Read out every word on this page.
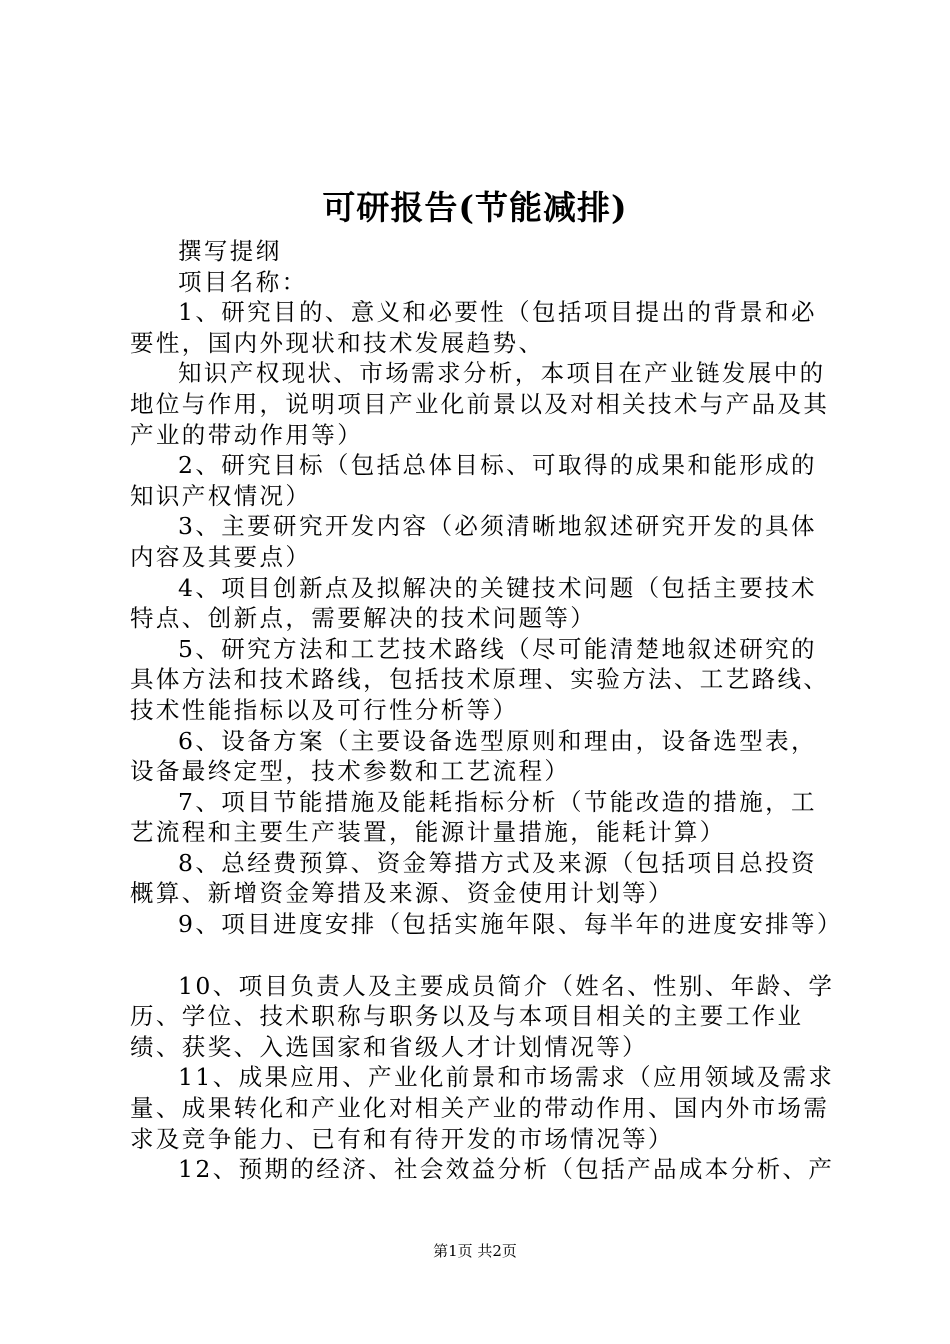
可研报告(节能减排)

撰写提纲

项目名称：

1、研究目的、意义和必要性（包括项目提出的背景和必要性，国内外现状和技术发展趋势、

知识产权现状、市场需求分析，本项目在产业链发展中的地位与作用，说明项目产业化前景以及对相关技术与产品及其产业的带动作用等）

2、研究目标（包括总体目标、可取得的成果和能形成的知识产权情况）

3、主要研究开发内容（必须清晰地叙述研究开发的具体内容及其要点）

4、项目创新点及拟解决的关键技术问题（包括主要技术特点、创新点，需要解决的技术问题等）

5、研究方法和工艺技术路线（尽可能清楚地叙述研究的具体方法和技术路线，包括技术原理、实验方法、工艺路线、技术性能指标以及可行性分析等）

6、设备方案（主要设备选型原则和理由，设备选型表，设备最终定型，技术参数和工艺流程）

7、项目节能措施及能耗指标分析（节能改造的措施，工艺流程和主要生产装置，能源计量措施，能耗计算）

8、总经费预算、资金筹措方式及来源（包括项目总投资概算、新增资金筹措及来源、资金使用计划等）

9、项目进度安排（包括实施年限、每半年的进度安排等）

10、项目负责人及主要成员简介（姓名、性别、年龄、学历、学位、技术职称与职务以及与本项目相关的主要工作业绩、获奖、入选国家和省级人才计划情况等）

11、成果应用、产业化前景和市场需求（应用领域及需求量、成果转化和产业化对相关产业的带动作用、国内外市场需求及竞争能力、已有和有待开发的市场情况等）

12、预期的经济、社会效益分析（包括产品成本分析、产

第1页 共2页
